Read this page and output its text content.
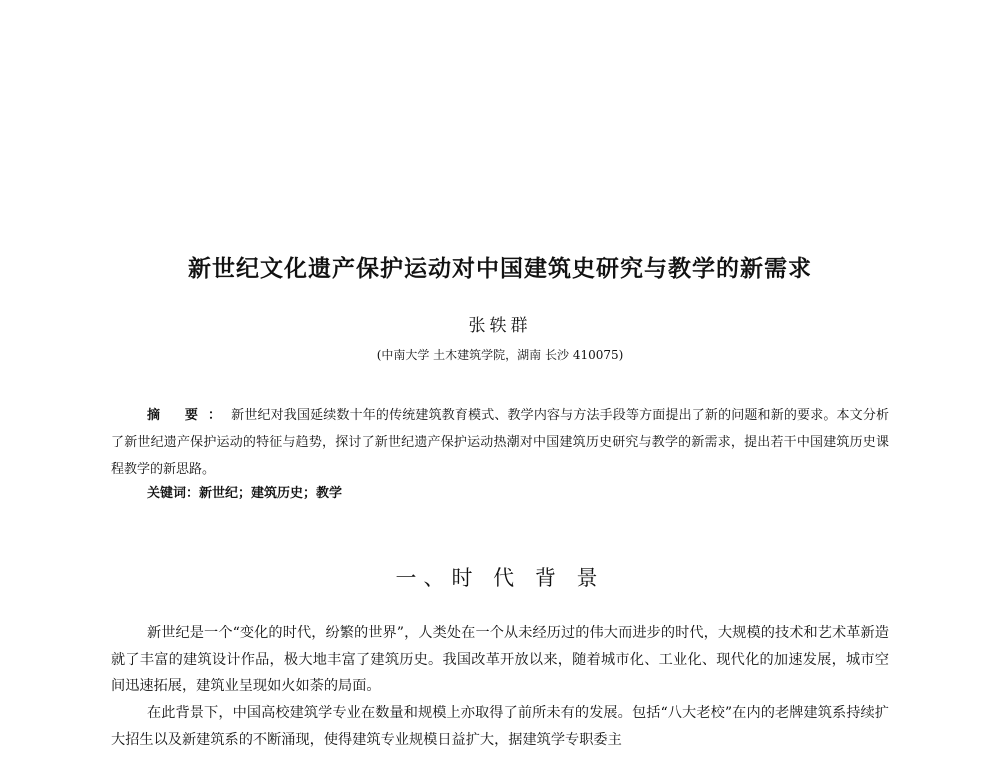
新世纪文化遗产保护运动对中国建筑史研究与教学的新需求
张轶群
(中南大学 土木建筑学院，湖南 长沙 410075)
摘 要：新世纪对我国延续数十年的传统建筑教育模式、教学内容与方法手段等方面提出了新的问题和新的要求。本文分析了新世纪遗产保护运动的特征与趋势，探讨了新世纪遗产保护运动热潮对中国建筑历史研究与教学的新需求，提出若干中国建筑历史课程教学的新思路。
关键词：新世纪；建筑历史；教学
一、时 代 背 景
新世纪是一个“变化的时代，纷繁的世界”，人类处在一个从未经历过的伟大而进步的时代，大规模的技术和艺术革新造就了丰富的建筑设计作品，极大地丰富了建筑历史。我国改革开放以来，随着城市化、工业化、现代化的加速发展，城市空间迅速拓展，建筑业呈现如火如荼的局面。
在此背景下，中国高校建筑学专业在数量和规模上亦取得了前所未有的发展。包括“八大老校”在内的老牌建筑系持续扩大招生以及新建筑系的不断涌现，使得建筑专业规模日益扩大，据建筑学专职委主
